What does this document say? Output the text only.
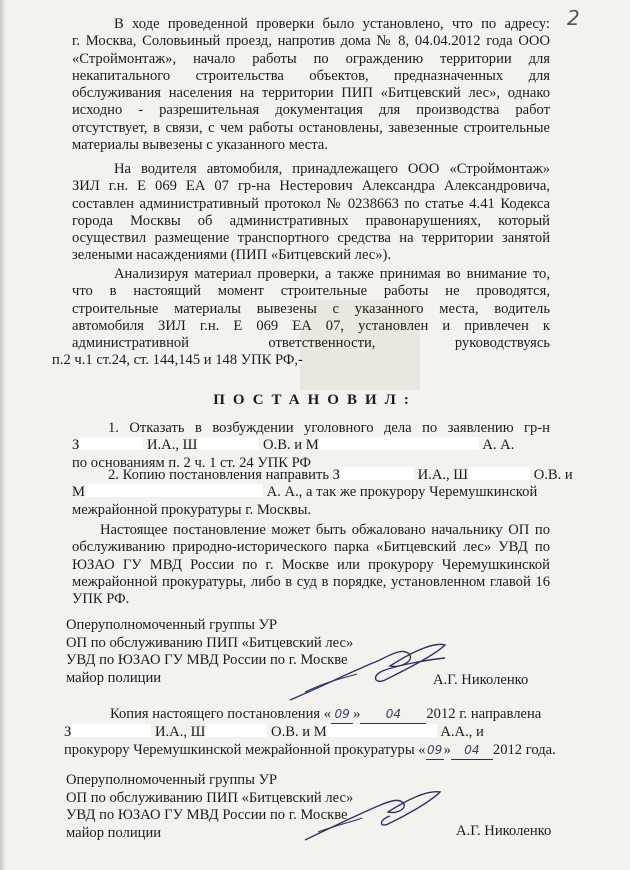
2
В ходе проведенной проверки было установлено, что по адресу:
г. Москва, Соловьиный проезд, напротив дома № 8, 04.04.2012 года ООО
«Строймонтаж», начало работы по ограждению территории для
некапитального строительства объектов, предназначенных для
обслуживания населения на территории ПИП «Битцевский лес», однако
исходно - разрешительная документация для производства работ
отсутствует, в связи, с чем работы остановлены, завезенные строительные
материалы вывезены с указанного места.
На водителя автомобиля, принадлежащего ООО «Строймонтаж»
ЗИЛ г.н. Е 069 ЕА 07 гр-на Нестерович Александра Александровича,
составлен административный протокол № 0238663 по статье 4.41 Кодекса
города Москвы об административных правонарушениях, который
осуществил размещение транспортного средства на территории занятой
зелеными насаждениями (ПИП «Битцевский лес»).
Анализируя материал проверки, а также принимая во внимание то,
что в настоящий момент строительные работы не проводятся,
строительные материалы вывезены с указанного места, водитель
автомобиля ЗИЛ г.н. Е 069 ЕА 07, установлен и привлечен к
административной ответственности, руководствуясь
п.2 ч.1 ст.24, ст. 144,145 и 148 УПК РФ,-
ПОСТАНОВИЛ:
1. Отказать в возбуждении уголовного дела по заявлению гр-н
З	И.А., Ш	О.В. и М	А. А.
по основаниям п. 2 ч. 1 ст. 24 УПК РФ
2. Копию постановления направить З	И.А., Ш	О.В. и
М	А. А., а так же прокурору Черемушкинской
межрайонной прокуратуры г. Москвы.
Настоящее постановление может быть обжаловано начальнику ОП по
обслуживанию природно-исторического парка «Битцевский лес» УВД по
ЮЗАО ГУ МВД России по г. Москве или прокурору Черемушкинской
межрайонной прокуратуры, либо в суд в порядке, установленном главой 16
УПК РФ.
Оперуполномоченный группы УР
ОП по обслуживанию ПИП «Битцевский лес»
УВД по ЮЗАО ГУ МВД России по г. Москве
майор полиции	А.Г. Николенко
Копия настоящего постановления « 09 » 04 2012 г. направлена
З	И.А., Ш	О.В. и М	А.А., и
прокурору Черемушкинской межрайонной прокуратуры «09» 04 2012 года.
Оперуполномоченный группы УР
ОП по обслуживанию ПИП «Битцевский лес»
УВД по ЮЗАО ГУ МВД России по г. Москве
майор полиции	А.Г. Николенко
